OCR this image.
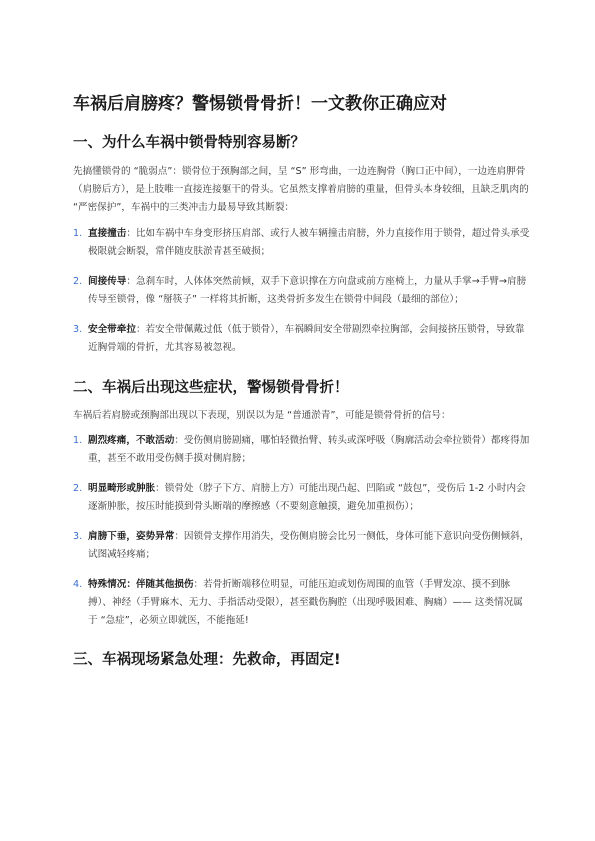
车祸后肩膀疼？警惕锁骨骨折！一文教你正确应对
一、为什么车祸中锁骨特别容易断？

先搞懂锁骨的 “脆弱点”：锁骨位于颈胸部之间，呈 “S” 形弯曲，一边连胸骨（胸口正中间），一边连肩胛骨（肩膀后方），是上肢唯一直接连接躯干的骨头。它虽然支撑着肩膀的重量，但骨头本身较细，且缺乏肌肉的 “严密保护”，车祸中的三类冲击力最易导致其断裂：

1. 直接撞击：比如车祸中车身变形挤压肩部、或行人被车辆撞击肩膀，外力直接作用于锁骨，超过骨头承受极限就会断裂，常伴随皮肤淤青甚至破损；
2. 间接传导：急刹车时，人体体突然前倾，双手下意识撑在方向盘或前方座椅上，力量从手掌→手臂→肩膀传导至锁骨，像 “掰筷子” 一样将其折断，这类骨折多发生在锁骨中间段（最细的部位）；
3. 安全带牵拉：若安全带佩戴过低（低于锁骨），车祸瞬间安全带剧烈牵拉胸部，会间接挤压锁骨，导致靠近胸骨端的骨折，尤其容易被忽视。
二、车祸后出现这些症状，警惕锁骨骨折！

车祸后若肩膀或颈胸部出现以下表现，别误以为是 “普通淤青”，可能是锁骨骨折的信号：

1. 剧烈疼痛，不敢活动：受伤侧肩膀剧痛，哪怕轻微抬臂、转头或深呼吸（胸廓活动会牵拉锁骨）都疼得加重，甚至不敢用受伤侧手摸对侧肩膀；
2. 明显畸形或肿胀：锁骨处（脖子下方、肩膀上方）可能出现凸起、凹陷或 “鼓包”，受伤后 1-2 小时内会逐渐肿胀，按压时能摸到骨头断端的摩擦感（不要刻意触摸，避免加重损伤）；
3. 肩膀下垂，姿势异常：因锁骨支撑作用消失，受伤侧肩膀会比另一侧低，身体可能下意识向受伤侧倾斜，试图减轻疼痛；
4. 特殊情况：伴随其他损伤：若骨折断端移位明显，可能压迫或划伤周围的血管（手臂发凉、摸不到脉搏）、神经（手臂麻木、无力、手指活动受限），甚至戳伤胸腔（出现呼吸困难、胸痛）—— 这类情况属于 “急症”，必须立即就医，不能拖延!
三、车祸现场紧急处理：先救命，再固定!
